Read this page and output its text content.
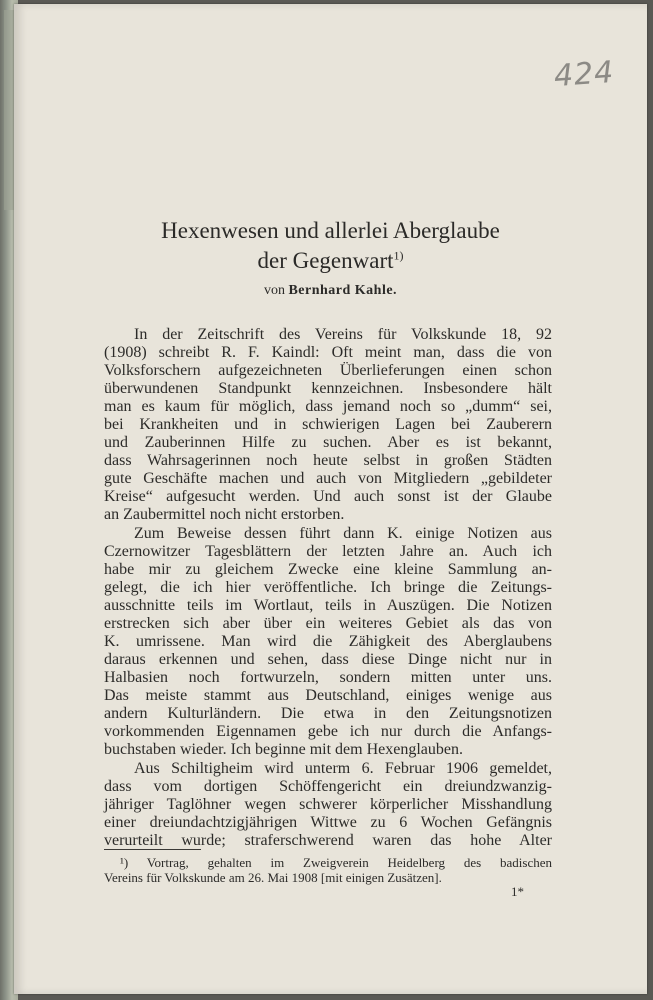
424
Hexenwesen und allerlei Aberglaube
der Gegenwart$^{1)}$
von Bernhard Kahle.
In der Zeitschrift des Vereins für Volkskunde 18, 92
(1908) schreibt R. F. Kaindl: Oft meint man, dass die von
Volksforschern aufgezeichneten Überlieferungen einen schon
überwundenen Standpunkt kennzeichnen. Insbesondere hält
man es kaum für möglich, dass jemand noch so „dumm“ sei,
bei Krankheiten und in schwierigen Lagen bei Zauberern
und Zauberinnen Hilfe zu suchen. Aber es ist bekannt,
dass Wahrsagerinnen noch heute selbst in großen Städten
gute Geschäfte machen und auch von Mitgliedern „gebildeter
Kreise“ aufgesucht werden. Und auch sonst ist der Glaube
an Zaubermittel noch nicht erstorben.
Zum Beweise dessen führt dann K. einige Notizen aus
Czernowitzer Tagesblättern der letzten Jahre an. Auch ich
habe mir zu gleichem Zwecke eine kleine Sammlung an-
gelegt, die ich hier veröffentliche. Ich bringe die Zeitungs-
ausschnitte teils im Wortlaut, teils in Auszügen. Die Notizen
erstrecken sich aber über ein weiteres Gebiet als das von
K. umrissene. Man wird die Zähigkeit des Aberglaubens
daraus erkennen und sehen, dass diese Dinge nicht nur in
Halbasien noch fortwurzeln, sondern mitten unter uns.
Das meiste stammt aus Deutschland, einiges wenige aus
andern Kulturländern. Die etwa in den Zeitungsnotizen
vorkommenden Eigennamen gebe ich nur durch die Anfangs-
buchstaben wieder. Ich beginne mit dem Hexenglauben.
Aus Schiltigheim wird unterm 6. Februar 1906 gemeldet,
dass vom dortigen Schöffengericht ein dreiundzwanzig-
jähriger Taglöhner wegen schwerer körperlicher Misshandlung
einer dreiundachtzigjährigen Wittwe zu 6 Wochen Gefängnis
verurteilt wurde; straferschwerend waren das hohe Alter
¹) Vortrag, gehalten im Zweigverein Heidelberg des badischen
Vereins für Volkskunde am 26. Mai 1908 [mit einigen Zusätzen].
1*
